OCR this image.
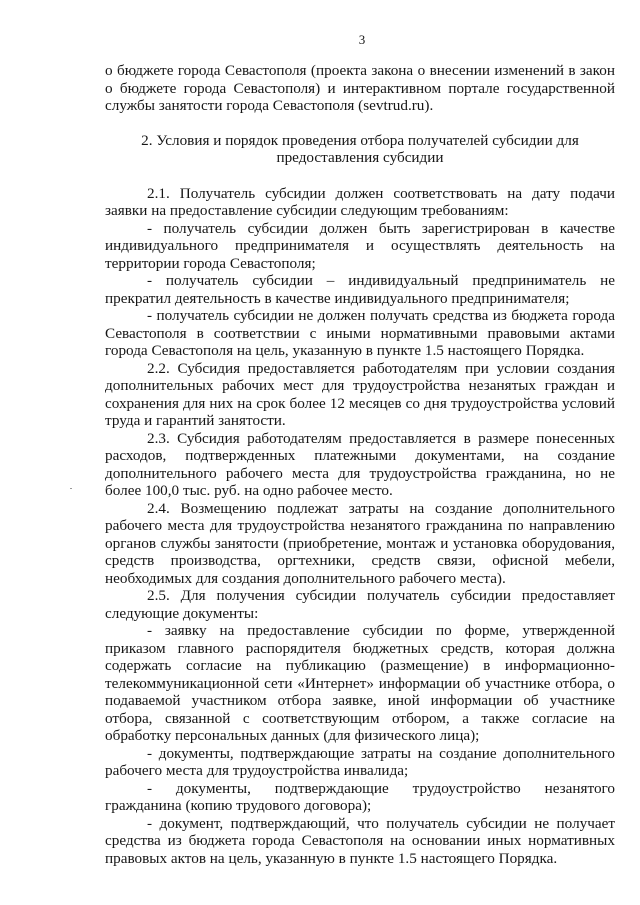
3

о бюджете города Севастополя (проекта закона о внесении изменений в закон о бюджете города Севастополя) и интерактивном портале государственной службы занятости города Севастополя (sevtrud.ru).

2. Условия и порядок проведения отбора получателей субсидии для предоставления субсидии

2.1. Получатель субсидии должен соответствовать на дату подачи заявки на предоставление субсидии следующим требованиям:

- получатель субсидии должен быть зарегистрирован в качестве индивидуального предпринимателя и осуществлять деятельность на территории города Севастополя;

- получатель субсидии – индивидуальный предприниматель не прекратил деятельность в качестве индивидуального предпринимателя;

- получатель субсидии не должен получать средства из бюджета города Севастополя в соответствии с иными нормативными правовыми актами города Севастополя на цель, указанную в пункте 1.5 настоящего Порядка.

2.2. Субсидия предоставляется работодателям при условии создания дополнительных рабочих мест для трудоустройства незанятых граждан и сохранения для них на срок более 12 месяцев со дня трудоустройства условий труда и гарантий занятости.

2.3. Субсидия работодателям предоставляется в размере понесенных расходов, подтвержденных платежными документами, на создание дополнительного рабочего места для трудоустройства гражданина, но не более 100,0 тыс. руб. на одно рабочее место.

2.4. Возмещению подлежат затраты на создание дополнительного рабочего места для трудоустройства незанятого гражданина по направлению органов службы занятости (приобретение, монтаж и установка оборудования, средств производства, оргтехники, средств связи, офисной мебели, необходимых для создания дополнительного рабочего места).

2.5. Для получения субсидии получатель субсидии предоставляет следующие документы:

- заявку на предоставление субсидии по форме, утвержденной приказом главного распорядителя бюджетных средств, которая должна содержать согласие на публикацию (размещение) в информационно-телекоммуникационной сети «Интернет» информации об участнике отбора, о подаваемой участником отбора заявке, иной информации об участнике отбора, связанной с соответствующим отбором, а также согласие на обработку персональных данных (для физического лица);

- документы, подтверждающие затраты на создание дополнительного рабочего места для трудоустройства инвалида;

- документы, подтверждающие трудоустройство незанятого гражданина (копию трудового договора);

- документ, подтверждающий, что получатель субсидии не получает средства из бюджета города Севастополя на основании иных нормативных правовых актов на цель, указанную в пункте 1.5 настоящего Порядка.
